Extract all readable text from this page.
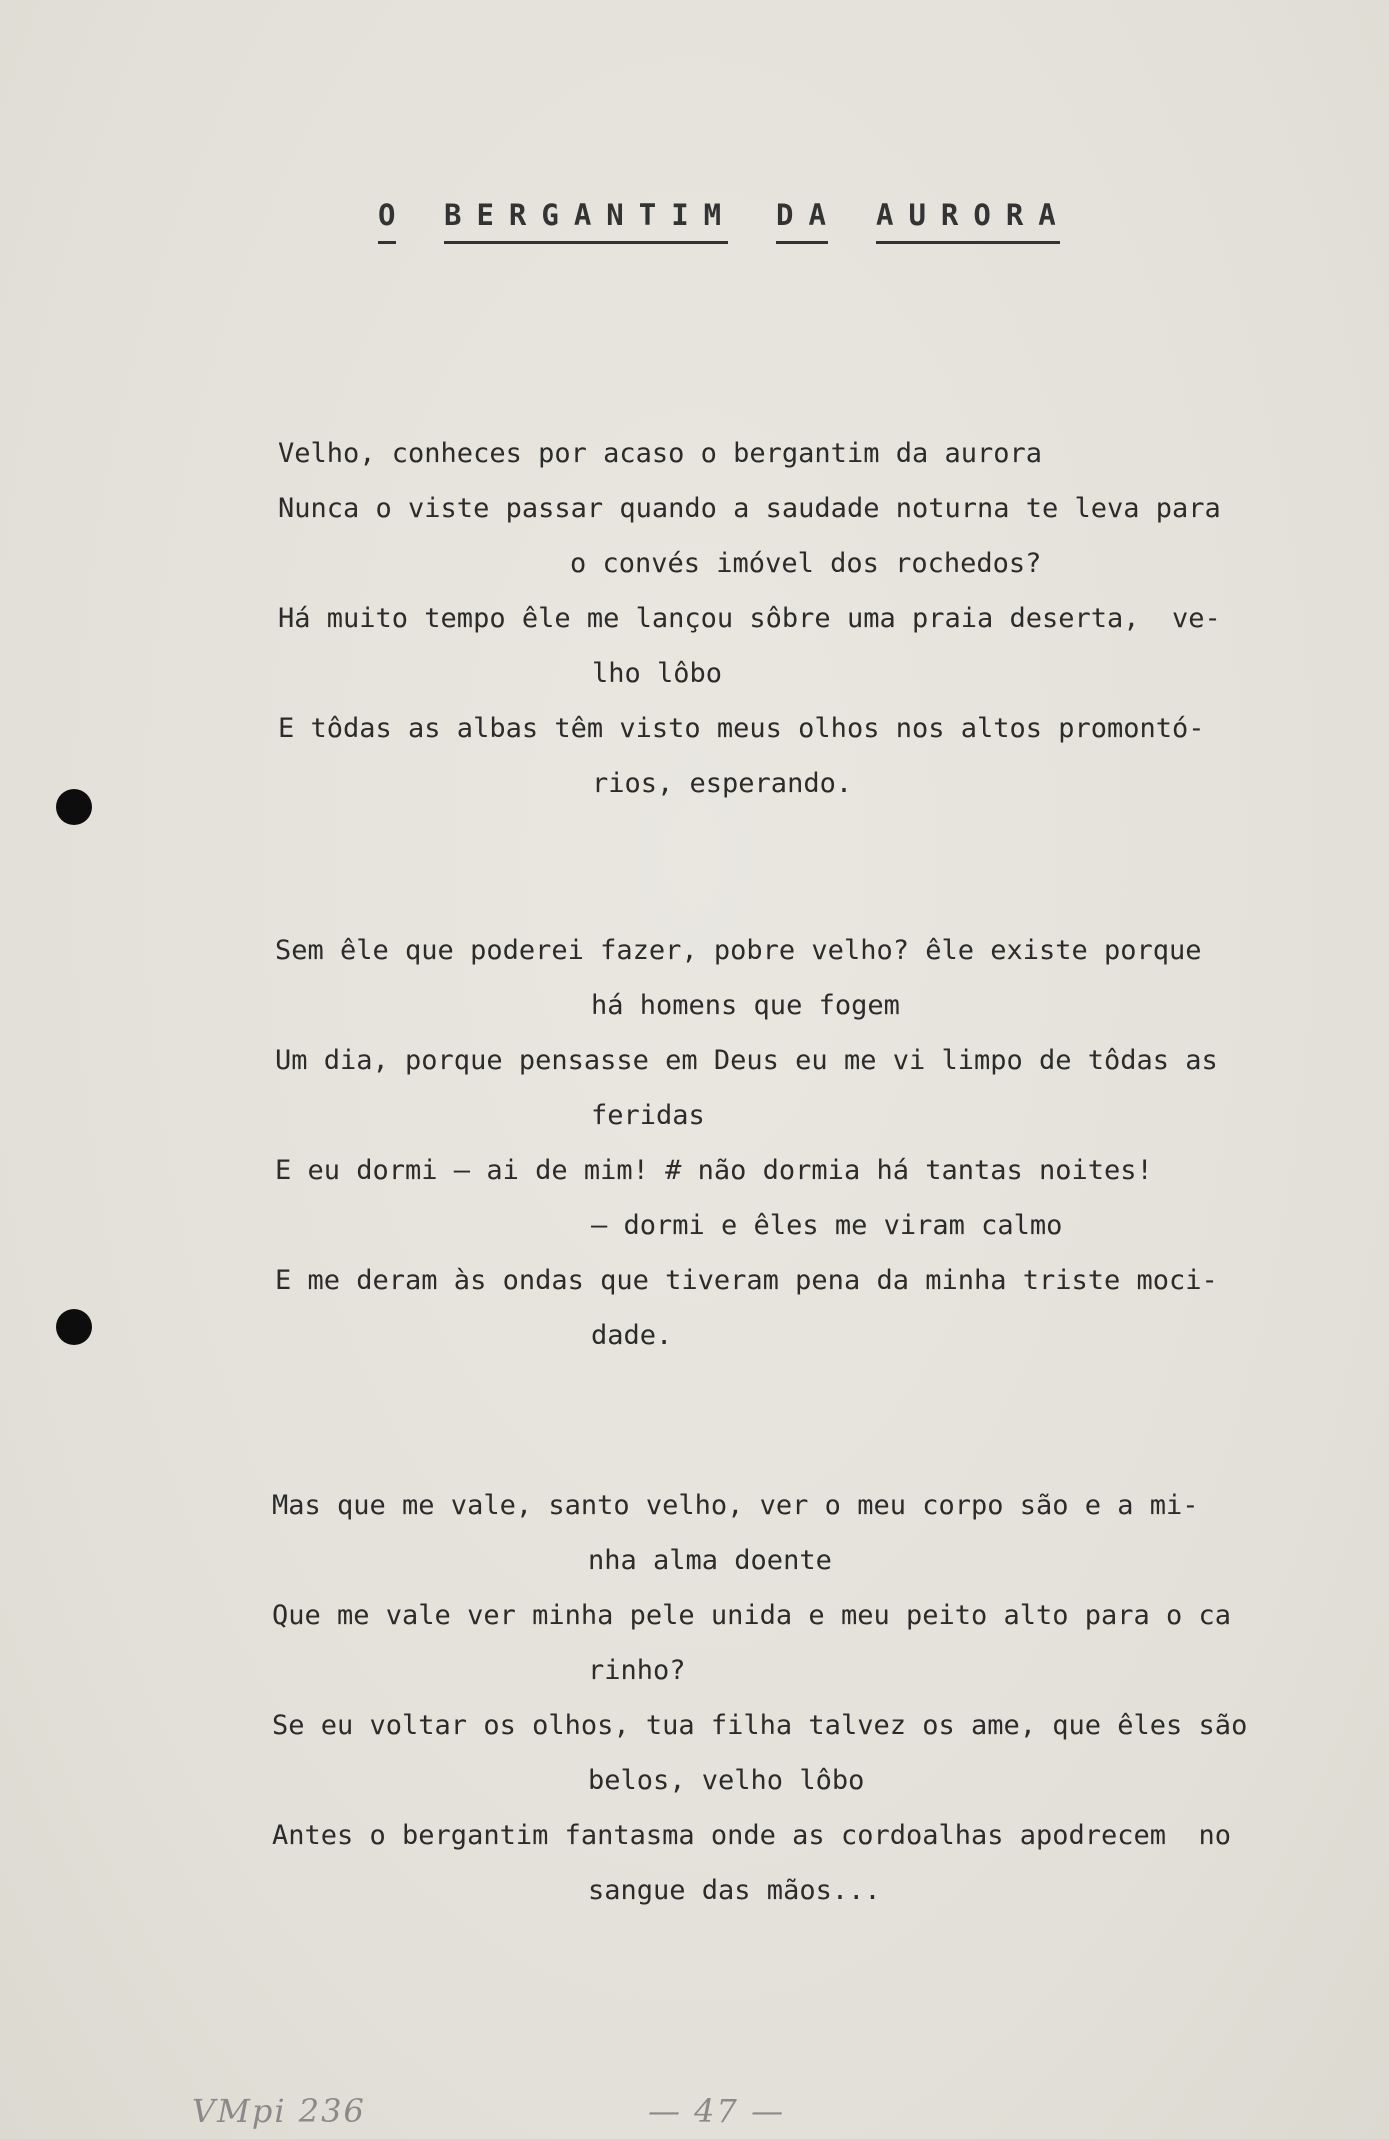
O BERGANTIM DA AURORA
Velho, conheces por acaso o bergantim da aurora
Nunca o viste passar quando a saudade noturna te leva para
o convés imóvel dos rochedos?
Há muito tempo êle me lançou sôbre uma praia deserta,  ve-
lho lôbo
E tôdas as albas têm visto meus olhos nos altos promontó-
rios, esperando.
Sem êle que poderei fazer, pobre velho? êle existe porque
há homens que fogem
Um dia, porque pensasse em Deus eu me vi limpo de tôdas as
feridas
E eu dormi — ai de mim! # não dormia há tantas noites!
— dormi e êles me viram calmo
E me deram às ondas que tiveram pena da minha triste moci-
dade.
Mas que me vale, santo velho, ver o meu corpo são e a mi-
nha alma doente
Que me vale ver minha pele unida e meu peito alto para o ca
rinho?
Se eu voltar os olhos, tua filha talvez os ame, que êles são
belos, velho lôbo
Antes o bergantim fantasma onde as cordoalhas apodrecem  no
sangue das mãos...
VMpi 236	— 47 —
